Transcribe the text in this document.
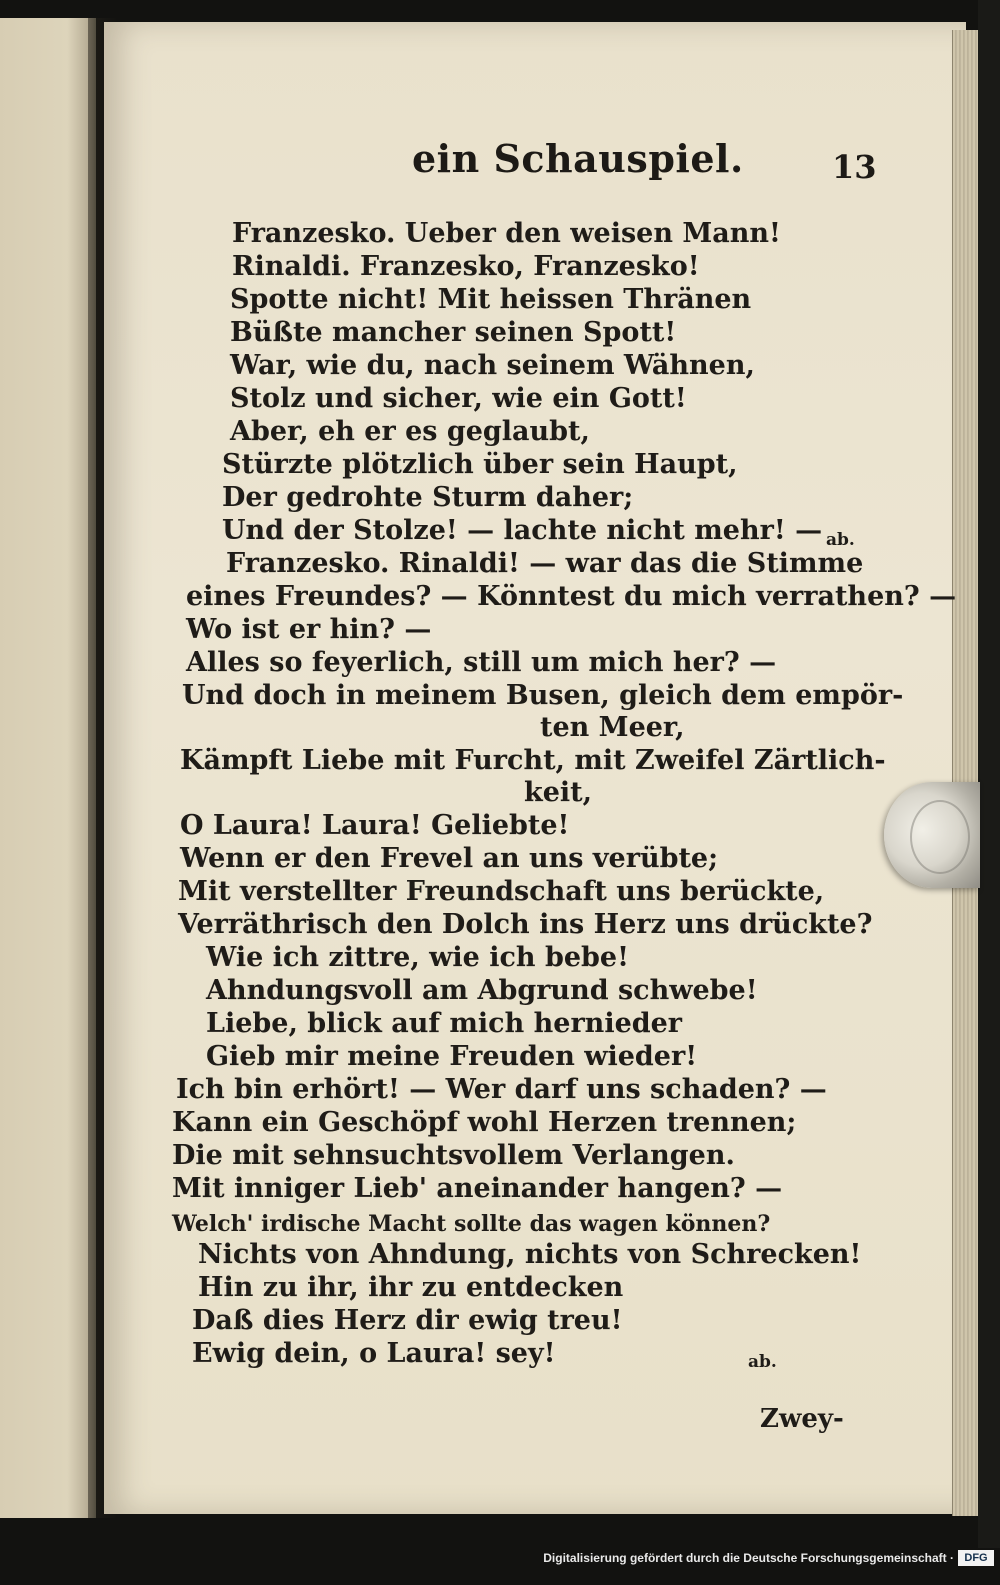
ein Schauspiel.	13
Franzesko. Ueber den weisen Mann!
Rinaldi. Franzesko, Franzesko!
Spotte nicht! Mit heissen Thränen
Büßte mancher seinen Spott!
War, wie du, nach seinem Wähnen,
Stolz und sicher, wie ein Gott!
Aber, eh er es geglaubt,
Stürzte plötzlich über sein Haupt,
Der gedrohte Sturm daher;
Und der Stolze! — lachte nicht mehr! — ab.
Franzesko. Rinaldi! — war das die Stimme
eines Freundes? — Könntest du mich verrathen? —
Wo ist er hin? —
Alles so feyerlich, still um mich her? —
Und doch in meinem Busen, gleich dem empör-
ten Meer,
Kämpft Liebe mit Furcht, mit Zweifel Zärtlich-
keit,
O Laura! Laura! Geliebte!
Wenn er den Frevel an uns verübte;
Mit verstellter Freundschaft uns berückte,
Verräthrisch den Dolch ins Herz uns drückte?
Wie ich zittre, wie ich bebe!
Ahndungsvoll am Abgrund schwebe!
Liebe, blick auf mich hernieder
Gieb mir meine Freuden wieder!
Ich bin erhört! — Wer darf uns schaden? —
Kann ein Geschöpf wohl Herzen trennen;
Die mit sehnsuchtsvollem Verlangen.
Mit inniger Lieb' aneinander hangen? —
Welch' irdische Macht sollte das wagen können?
Nichts von Ahndung, nichts von Schrecken!
Hin zu ihr, ihr zu entdecken
Daß dies Herz dir ewig treu!
Ewig dein, o Laura! sey!	ab.
Zwey-
Digitalisierung gefördert durch die Deutsche Forschungsgemeinschaft · DFG
